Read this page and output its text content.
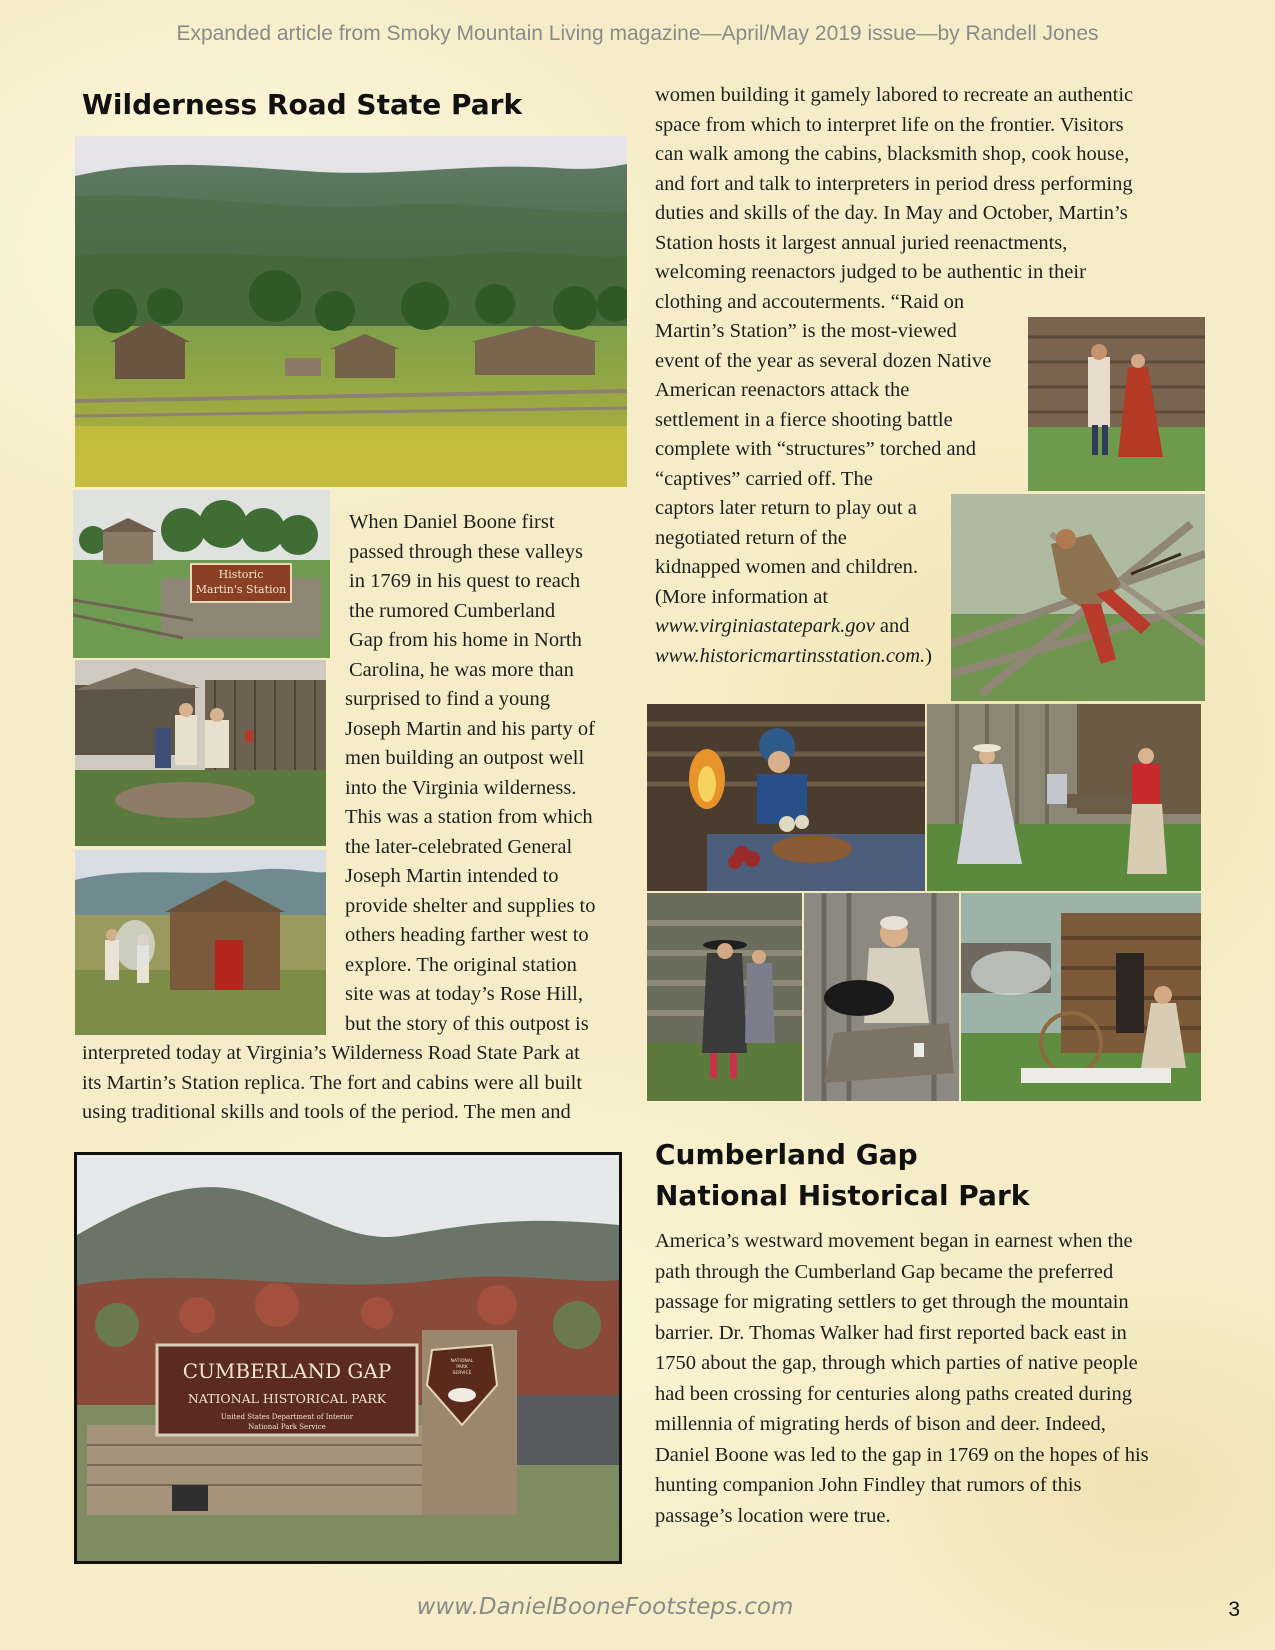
Expanded article from Smoky Mountain Living magazine—April/May 2019 issue—by Randell Jones
Wilderness Road State Park
Historic
Martin's Station
When Daniel Boone first
passed through these valleys
in 1769 in his quest to reach
the rumored Cumberland
Gap from his home in North
Carolina, he was more than
surprised to find a young
Joseph Martin and his party of
men building an outpost well
into the Virginia wilderness.
This was a station from which
the later-celebrated General
Joseph Martin intended to
provide shelter and supplies to
others heading farther west to
explore. The original station
site was at today’s Rose Hill,
but the story of this outpost is
interpreted today at Virginia’s Wilderness Road State Park at
its Martin’s Station replica. The fort and cabins were all built
using traditional skills and tools of the period. The men and
women building it gamely labored to recreate an authentic
space from which to interpret life on the frontier. Visitors
can walk among the cabins, blacksmith shop, cook house,
and fort and talk to interpreters in period dress performing
duties and skills of the day. In May and October, Martin’s
Station hosts it largest annual juried reenactments,
welcoming reenactors judged to be authentic in their
clothing and accouterments. “Raid on
Martin’s Station” is the most-viewed
event of the year as several dozen Native
American reenactors attack the
settlement in a fierce shooting battle
complete with “structures” torched and
“captives” carried off. The
captors later return to play out a
negotiated return of the
kidnapped women and children.
(More information at
www.virginiastatepark.gov and
www.historicmartinsstation.com.)
CUMBERLAND GAP
NATIONAL HISTORICAL PARK
United States Department of Interior
National Park Service
NATIONAL
PARK
SERVICE
Cumberland Gap
National Historical Park
America’s westward movement began in earnest when the
path through the Cumberland Gap became the preferred
passage for migrating settlers to get through the mountain
barrier. Dr. Thomas Walker had first reported back east in
1750 about the gap, through which parties of native people
had been crossing for centuries along paths created during
millennia of migrating herds of bison and deer. Indeed,
Daniel Boone was led to the gap in 1769 on the hopes of his
hunting companion John Findley that rumors of this
passage’s location were true.
www.DanielBooneFootsteps.com	3
